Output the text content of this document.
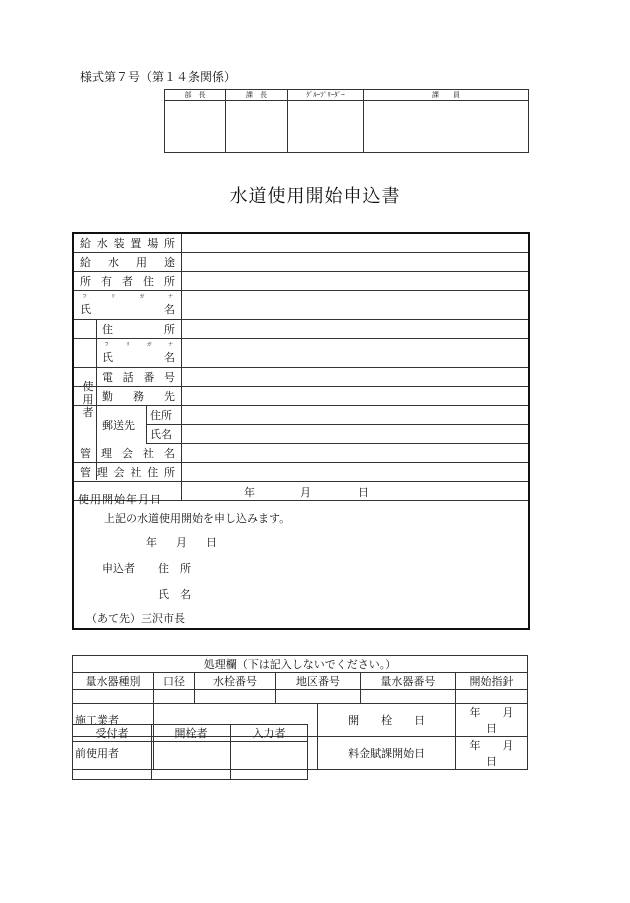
様式第７号（第１４条関係）
部　長	課　長	ｸﾞﾙｰﾌﾟﾘｰﾀﾞｰ	課　　員

水道使用開始申込書
給 水 装 置 場 所
給 水 用 途
所 有 者 住 所
フ	リ	ガ	ナ
氏	名
使用者
住	所
フ	リ	ガ	ナ
氏	名
電 話 番 号
勤 務 先
郵送先
住所
氏名
管 理 会 社 名
管 理 会 社 住 所
使用開始年月日
年	月	日
上記の水道使用開始を申し込みます。
年 月 日
申込者 住　所
氏　名
（あて先）三沢市長
処理欄（下は記入しないでください。）						
量水器種別	口径	水栓番号	地区番号		量水器番号	開始指針

施工業者				開　　栓　　日		年　　月　　日
前使用者				料金賦課開始日		年　　月　　日
受付者	開栓者	入力者
